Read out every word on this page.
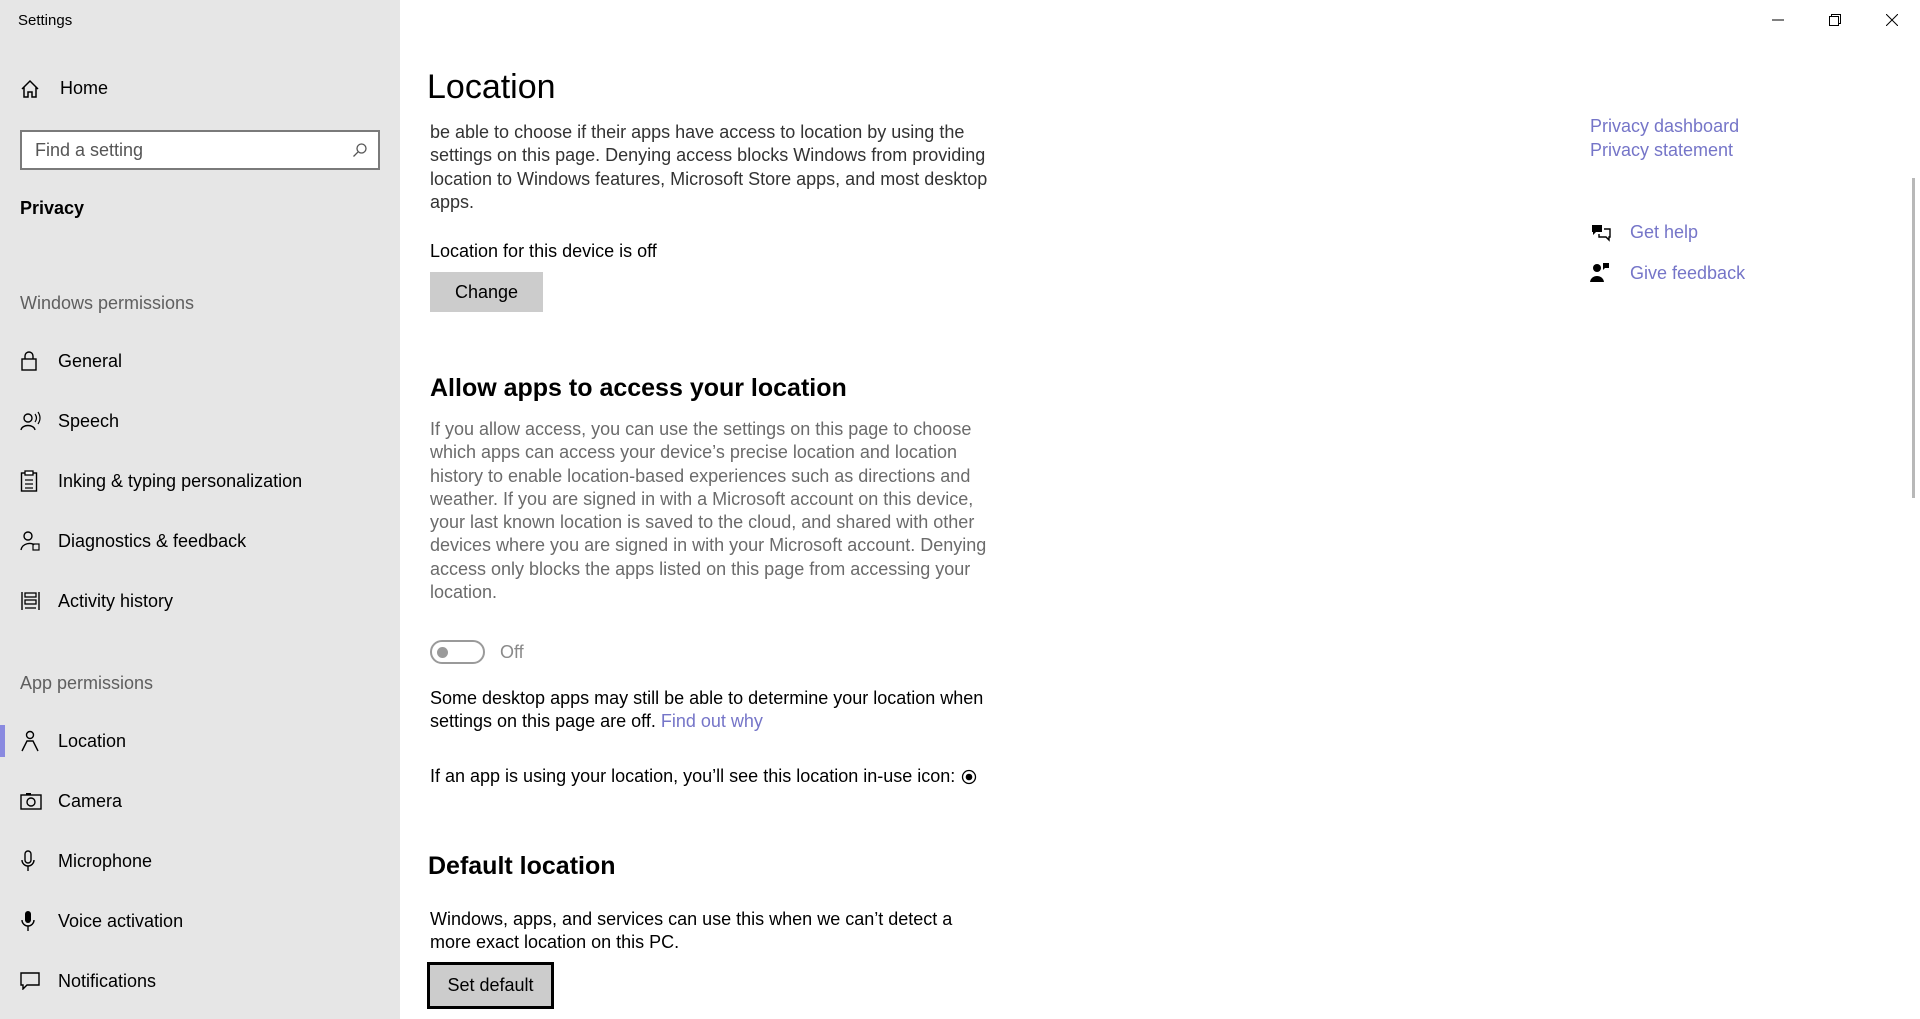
Settings
Home
Find a setting
Privacy
Windows permissions
General
Speech
Inking & typing personalization
Diagnostics & feedback
Activity history
App permissions
Location
Camera
Microphone
Voice activation
Notifications
Location

be able to choose if their apps have access to location by using the settings on this page. Denying access blocks Windows from providing location to Windows features, Microsoft Store apps, and most desktop apps.

Location for this device is off

Change
Allow apps to access your location

If you allow access, you can use the settings on this page to choose which apps can access your device’s precise location and location history to enable location-based experiences such as directions and weather. If you are signed in with a Microsoft account on this device, your last known location is saved to the cloud, and shared with other devices where you are signed in with your Microsoft account. Denying access only blocks the apps listed on this page from accessing your location.

Off

Some desktop apps may still be able to determine your location when settings on this page are off. Find out why

If an app is using your location, you’ll see this location in-use icon:

Default location

Windows, apps, and services can use this when we can’t detect a more exact location on this PC.

Set default
Privacy dashboard
Privacy statement
Get help
Give feedback
